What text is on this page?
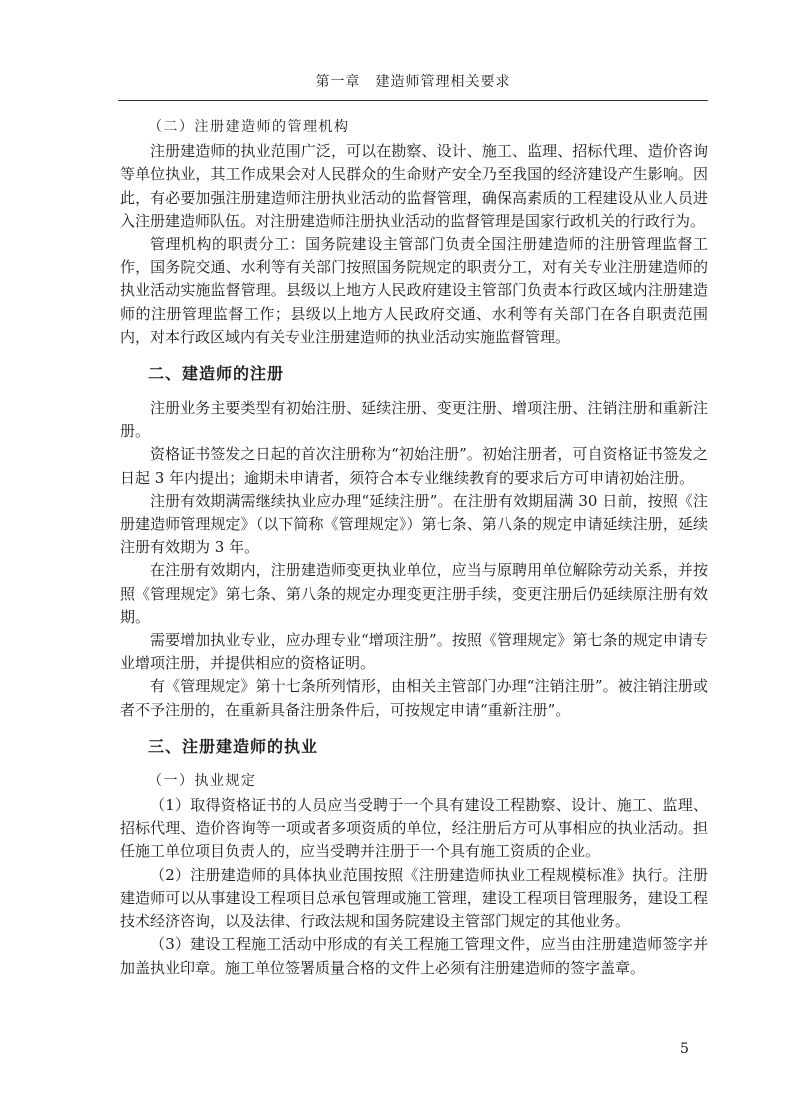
第一章　建造师管理相关要求

（二）注册建造师的管理机构

注册建造师的执业范围广泛，可以在勘察、设计、施工、监理、招标代理、造价咨询等单位执业，其工作成果会对人民群众的生命财产安全乃至我国的经济建设产生影响。因此，有必要加强注册建造师注册执业活动的监督管理，确保高素质的工程建设从业人员进入注册建造师队伍。对注册建造师注册执业活动的监督管理是国家行政机关的行政行为。

管理机构的职责分工：国务院建设主管部门负责全国注册建造师的注册管理监督工作，国务院交通、水利等有关部门按照国务院规定的职责分工，对有关专业注册建造师的执业活动实施监督管理。县级以上地方人民政府建设主管部门负责本行政区域内注册建造师的注册管理监督工作；县级以上地方人民政府交通、水利等有关部门在各自职责范围内，对本行政区域内有关专业注册建造师的执业活动实施监督管理。

二、建造师的注册

注册业务主要类型有初始注册、延续注册、变更注册、增项注册、注销注册和重新注册。

资格证书签发之日起的首次注册称为“初始注册”。初始注册者，可自资格证书签发之日起 3 年内提出；逾期未申请者，须符合本专业继续教育的要求后方可申请初始注册。

注册有效期满需继续执业应办理“延续注册”。在注册有效期届满 30 日前，按照《注册建造师管理规定》（以下简称《管理规定》）第七条、第八条的规定申请延续注册，延续注册有效期为 3 年。

在注册有效期内，注册建造师变更执业单位，应当与原聘用单位解除劳动关系，并按照《管理规定》第七条、第八条的规定办理变更注册手续，变更注册后仍延续原注册有效期。

需要增加执业专业，应办理专业“增项注册”。按照《管理规定》第七条的规定申请专业增项注册，并提供相应的资格证明。

有《管理规定》第十七条所列情形，由相关主管部门办理“注销注册”。被注销注册或者不予注册的，在重新具备注册条件后，可按规定申请“重新注册”。

三、注册建造师的执业

（一）执业规定

（1）取得资格证书的人员应当受聘于一个具有建设工程勘察、设计、施工、监理、招标代理、造价咨询等一项或者多项资质的单位，经注册后方可从事相应的执业活动。担任施工单位项目负责人的，应当受聘并注册于一个具有施工资质的企业。

（2）注册建造师的具体执业范围按照《注册建造师执业工程规模标准》执行。注册建造师可以从事建设工程项目总承包管理或施工管理，建设工程项目管理服务，建设工程技术经济咨询，以及法律、行政法规和国务院建设主管部门规定的其他业务。

（3）建设工程施工活动中形成的有关工程施工管理文件，应当由注册建造师签字并加盖执业印章。施工单位签署质量合格的文件上必须有注册建造师的签字盖章。

5
